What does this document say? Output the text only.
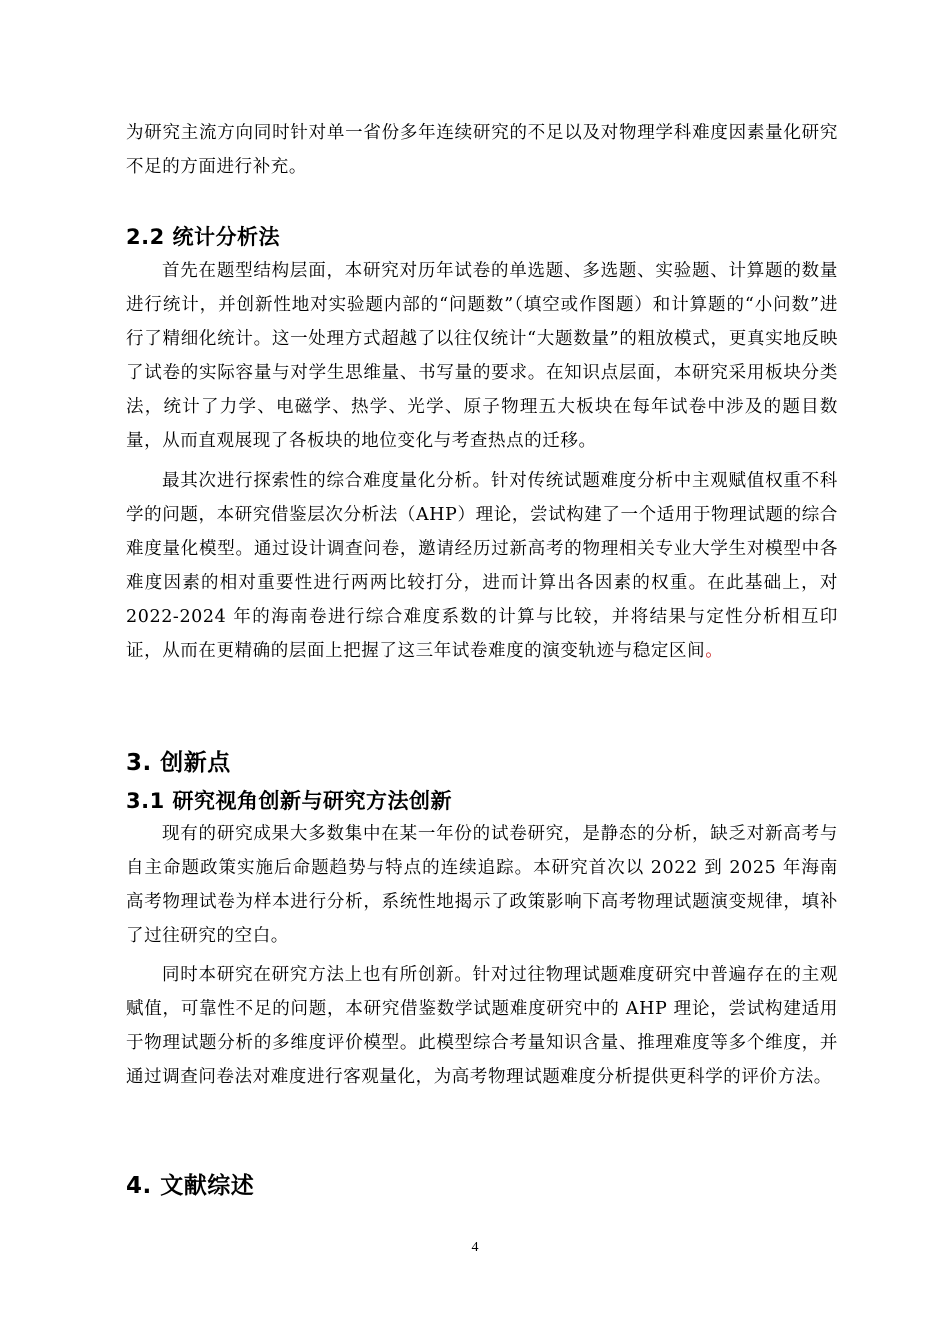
为研究主流方向同时针对单一省份多年连续研究的不足以及对物理学科难度因素量化研究不足的方面进行补充。

2.2 统计分析法

首先在题型结构层面，本研究对历年试卷的单选题、多选题、实验题、计算题的数量进行统计，并创新性地对实验题内部的“问题数”（填空或作图题）和计算题的“小问数”进行了精细化统计。这一处理方式超越了以往仅统计“大题数量”的粗放模式，更真实地反映了试卷的实际容量与对学生思维量、书写量的要求。在知识点层面，本研究采用板块分类法，统计了力学、电磁学、热学、光学、原子物理五大板块在每年试卷中涉及的题目数量，从而直观展现了各板块的地位变化与考查热点的迁移。

最其次进行探索性的综合难度量化分析。针对传统试题难度分析中主观赋值权重不科学的问题，本研究借鉴层次分析法（AHP）理论，尝试构建了一个适用于物理试题的综合难度量化模型。通过设计调查问卷，邀请经历过新高考的物理相关专业大学生对模型中各难度因素的相对重要性进行两两比较打分，进而计算出各因素的权重。在此基础上，对 2022-2024 年的海南卷进行综合难度系数的计算与比较，并将结果与定性分析相互印证，从而在更精确的层面上把握了这三年试卷难度的演变轨迹与稳定区间。

3. 创新点
3.1 研究视角创新与研究方法创新

现有的研究成果大多数集中在某一年份的试卷研究，是静态的分析，缺乏对新高考与自主命题政策实施后命题趋势与特点的连续追踪。本研究首次以 2022 到 2025 年海南高考物理试卷为样本进行分析，系统性地揭示了政策影响下高考物理试题演变规律，填补了过往研究的空白。

同时本研究在研究方法上也有所创新。针对过往物理试题难度研究中普遍存在的主观赋值，可靠性不足的问题，本研究借鉴数学试题难度研究中的 AHP 理论，尝试构建适用于物理试题分析的多维度评价模型。此模型综合考量知识含量、推理难度等多个维度，并通过调查问卷法对难度进行客观量化，为高考物理试题难度分析提供更科学的评价方法。

4. 文献综述
4
